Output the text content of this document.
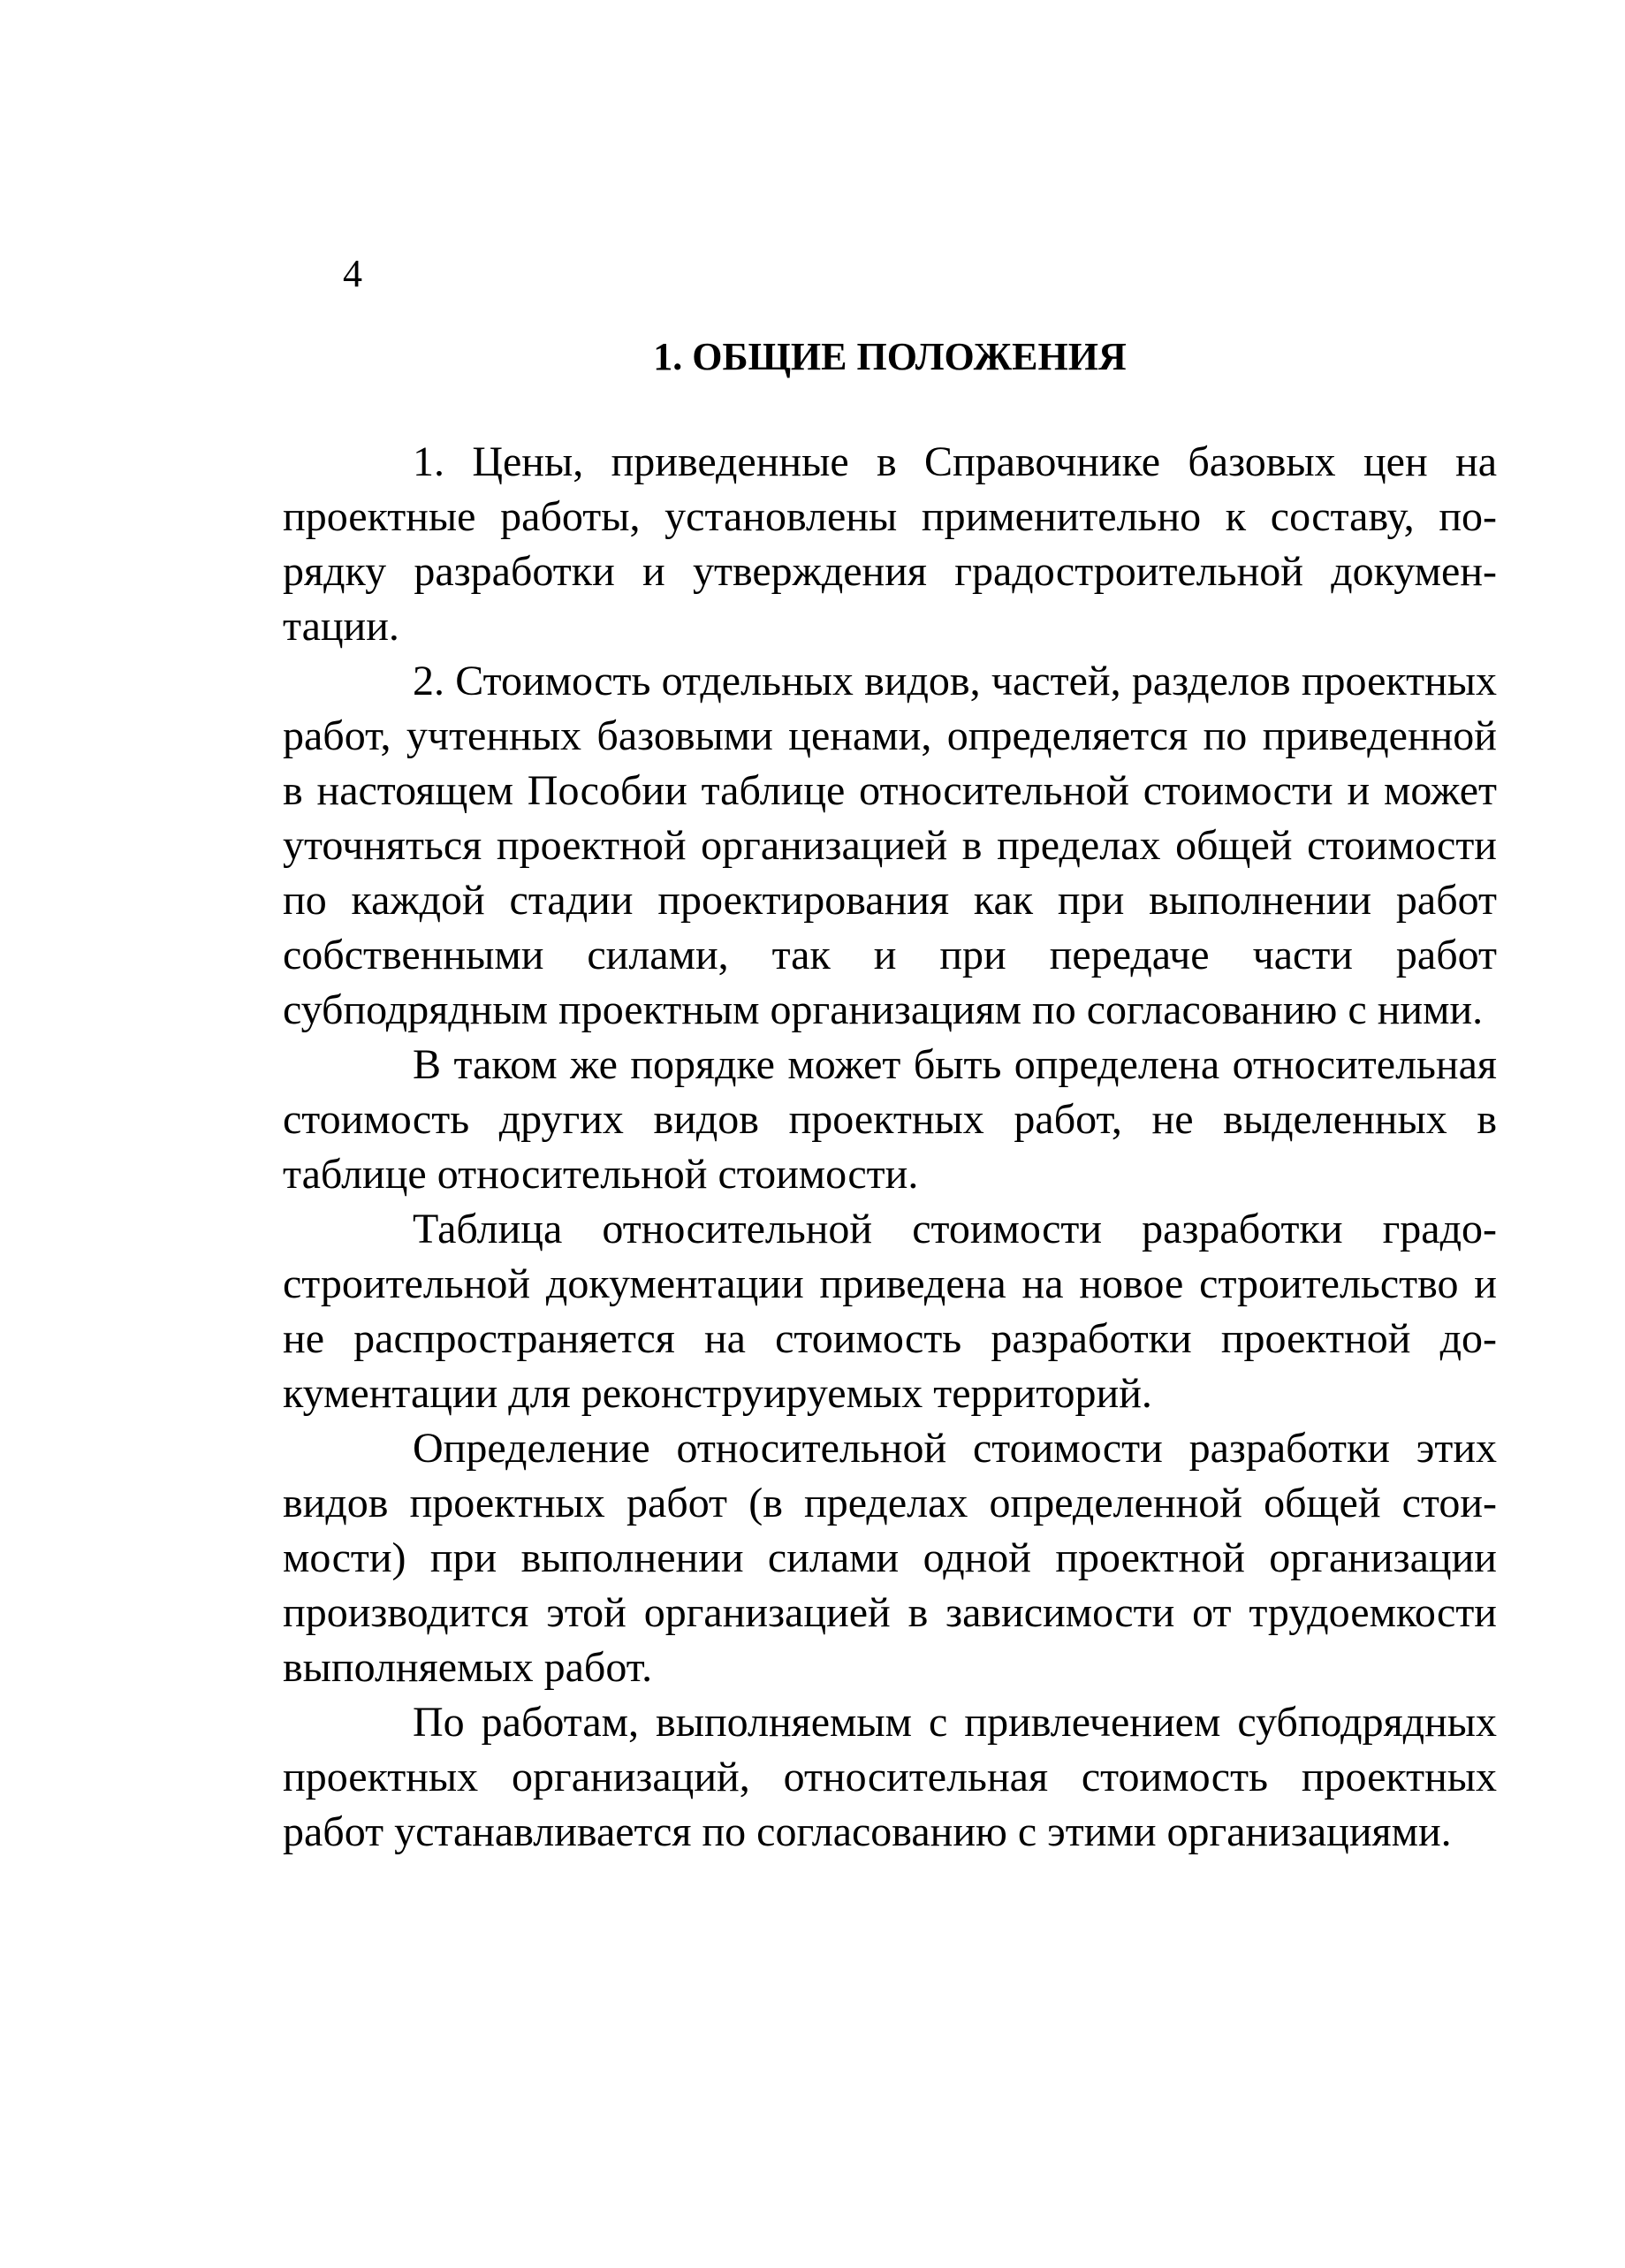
4
1. ОБЩИЕ ПОЛОЖЕНИЯ

1. Цены, приведенные в Справочнике базовых цен на проектные работы, установлены применительно к составу, порядку разработки и утверждения градостроительной документации.

2. Стоимость отдельных видов, частей, разделов проектных работ, учтенных базовыми ценами, определяется по приведенной в настоящем Пособии таблице относительной стоимости и может уточняться проектной организацией в пределах общей стоимости по каждой стадии проектирования как при выполнении работ собственными силами, так и при передаче части работ субподрядным проектным организациям по согласованию с ними.

В таком же порядке может быть определена относительная стоимость других видов проектных работ, не выделенных в таблице относительной стоимости.

Таблица относительной стоимости разработки градостроительной документации приведена на новое строительство и не распространяется на стоимость разработки проектной документации для реконструируемых территорий.

Определение относительной стоимости разработки этих видов проектных работ (в пределах определенной общей стоимости) при выполнении силами одной проектной организации производится этой организацией в зависимости от трудоемкости выполняемых работ.

По работам, выполняемым с привлечением субподрядных проектных организаций, относительная стоимость проектных работ устанавливается по согласованию с этими организациями.
